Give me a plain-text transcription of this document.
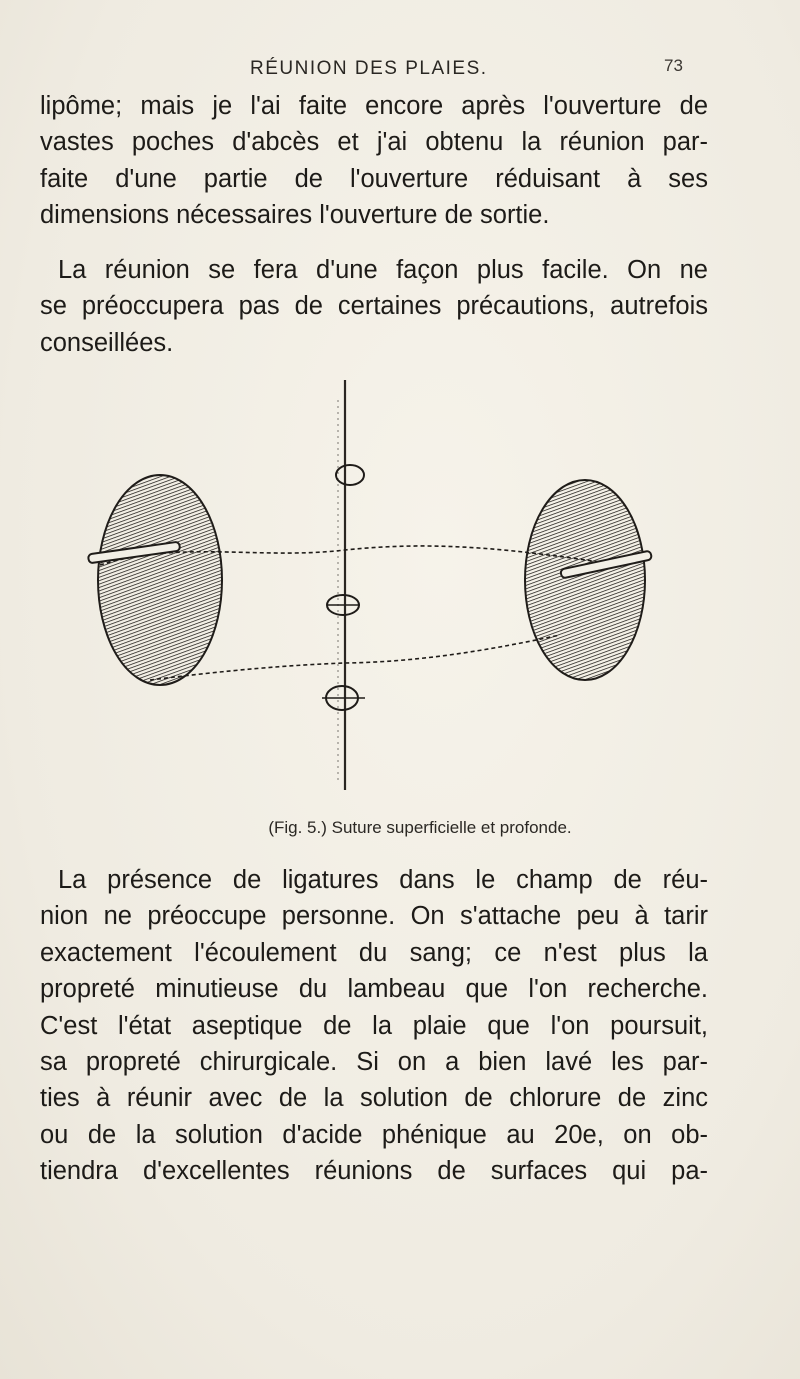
RÉUNION DES PLAIES.	73
lipôme; mais je l'ai faite encore après l'ouverture de
vastes poches d'abcès et j'ai obtenu la réunion par-
faite d'une partie de l'ouverture réduisant à ses
dimensions nécessaires l'ouverture de sortie.
La réunion se fera d'une façon plus facile. On ne
se préoccupera pas de certaines précautions, autrefois
conseillées.
(Fig. 5.) Suture superficielle et profonde.
La présence de ligatures dans le champ de réu-
nion ne préoccupe personne. On s'attache peu à tarir
exactement l'écoulement du sang; ce n'est plus la
propreté minutieuse du lambeau que l'on recherche.
C'est l'état aseptique de la plaie que l'on poursuit,
sa propreté chirurgicale. Si on a bien lavé les par-
ties à réunir avec de la solution de chlorure de zinc
ou de la solution d'acide phénique au 20e, on ob-
tiendra d'excellentes réunions de surfaces qui pa-
